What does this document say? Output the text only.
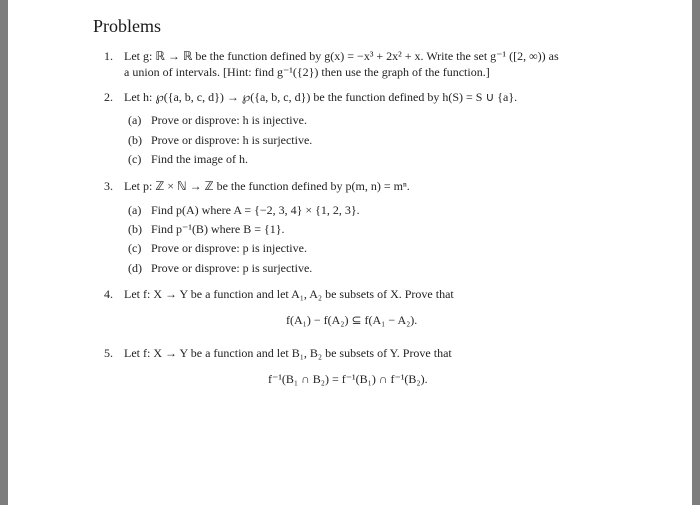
Problems
1. Let g: ℝ → ℝ be the function defined by g(x) = −x³ + 2x² + x. Write the set g⁻¹ ([2, ∞)) as
a union of intervals. [Hint: find g⁻¹({2}) then use the graph of the function.]
2. Let h: ℘({a, b, c, d}) → ℘({a, b, c, d}) be the function defined by h(S) = S ∪ {a}.
(a) Prove or disprove: h is injective.
(b) Prove or disprove: h is surjective.
(c) Find the image of h.
3. Let p: ℤ × ℕ → ℤ be the function defined by p(m, n) = mⁿ.
(a) Find p(A) where A = {−2, 3, 4} × {1, 2, 3}.
(b) Find p⁻¹(B) where B = {1}.
(c) Prove or disprove: p is injective.
(d) Prove or disprove: p is surjective.
4. Let f: X → Y be a function and let A₁, A₂ be subsets of X. Prove that
f(A₁) − f(A₂) ⊆ f(A₁ − A₂).
5. Let f: X → Y be a function and let B₁, B₂ be subsets of Y. Prove that
f⁻¹(B₁ ∩ B₂) = f⁻¹(B₁) ∩ f⁻¹(B₂).
